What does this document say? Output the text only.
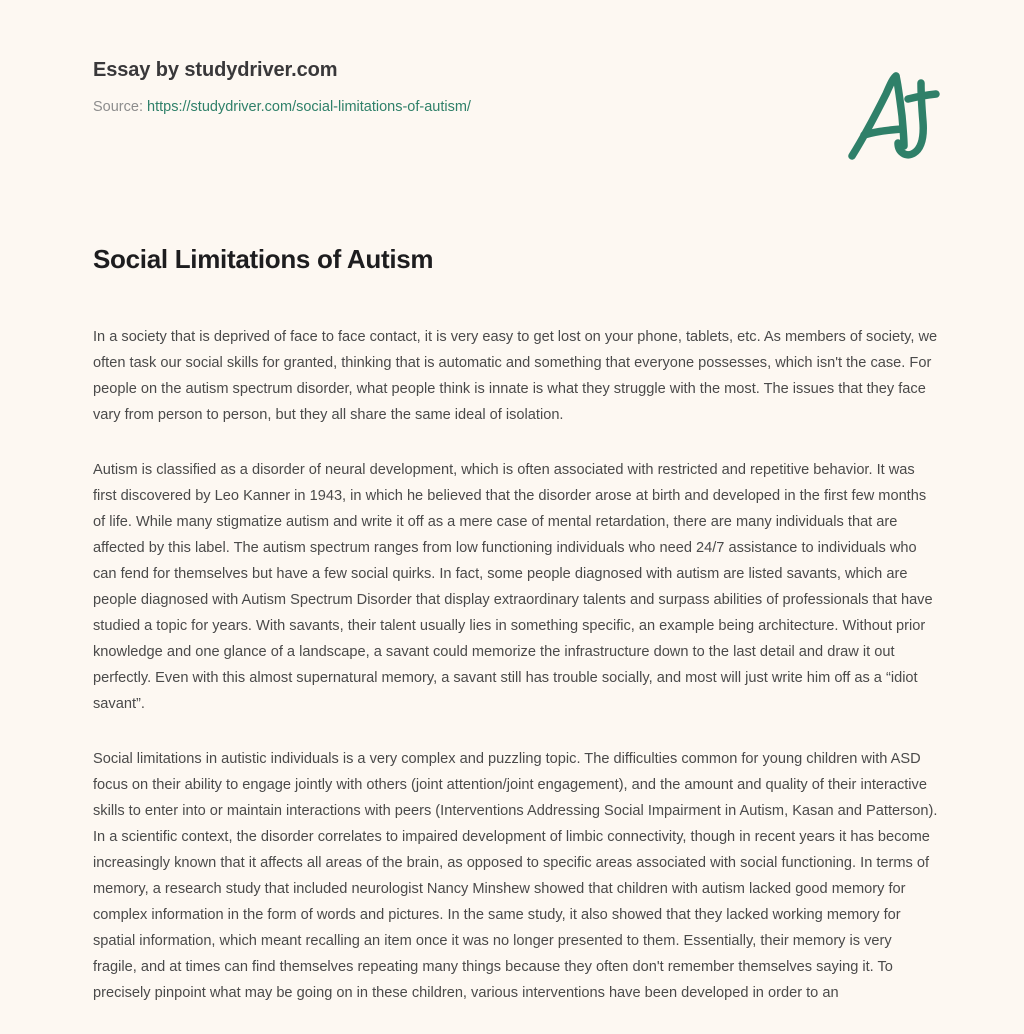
Essay by studydriver.com
Source: https://studydriver.com/social-limitations-of-autism/
Social Limitations of Autism

In a society that is deprived of face to face contact, it is very easy to get lost on your phone, tablets, etc. As members of society, we often task our social skills for granted, thinking that is automatic and something that everyone possesses, which isn't the case. For people on the autism spectrum disorder, what people think is innate is what they struggle with the most. The issues that they face vary from person to person, but they all share the same ideal of isolation.

Autism is classified as a disorder of neural development, which is often associated with restricted and repetitive behavior. It was first discovered by Leo Kanner in 1943, in which he believed that the disorder arose at birth and developed in the first few months of life. While many stigmatize autism and write it off as a mere case of mental retardation, there are many individuals that are affected by this label. The autism spectrum ranges from low functioning individuals who need 24/7 assistance to individuals who can fend for themselves but have a few social quirks. In fact, some people diagnosed with autism are listed savants, which are people diagnosed with Autism Spectrum Disorder that display extraordinary talents and surpass abilities of professionals that have studied a topic for years. With savants, their talent usually lies in something specific, an example being architecture. Without prior knowledge and one glance of a landscape, a savant could memorize the infrastructure down to the last detail and draw it out perfectly. Even with this almost supernatural memory, a savant still has trouble socially, and most will just write him off as a “idiot savant”.

Social limitations in autistic individuals is a very complex and puzzling topic. The difficulties common for young children with ASD focus on their ability to engage jointly with others (joint attention/joint engagement), and the amount and quality of their interactive skills to enter into or maintain interactions with peers (Interventions Addressing Social Impairment in Autism, Kasan and Patterson). In a scientific context, the disorder correlates to impaired development of limbic connectivity, though in recent years it has become increasingly known that it affects all areas of the brain, as opposed to specific areas associated with social functioning. In terms of memory, a research study that included neurologist Nancy Minshew showed that children with autism lacked good memory for complex information in the form of words and pictures. In the same study, it also showed that they lacked working memory for spatial information, which meant recalling an item once it was no longer presented to them. Essentially, their memory is very fragile, and at times can find themselves repeating many things because they often don't remember themselves saying it. To precisely pinpoint what may be going on in these children, various interventions have been developed in order to an
